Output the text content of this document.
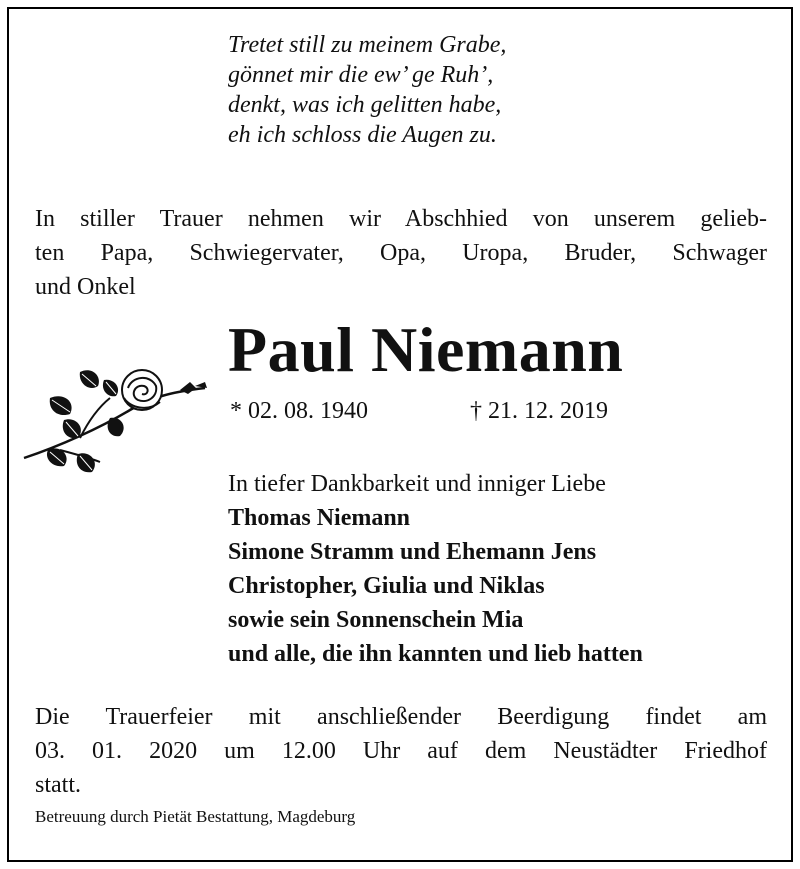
Tretet still zu meinem Grabe,
gönnet mir die ew’ ge Ruh’,
denkt, was ich gelitten habe,
eh ich schloss die Augen zu.
In stiller Trauer nehmen wir Abschhied von unserem gelieb-
ten Papa, Schwiegervater, Opa, Uropa, Bruder, Schwager
und Onkel
Paul Niemann
* 02. 08. 1940	† 21. 12. 2019
In tiefer Dankbarkeit und inniger Liebe
Thomas Niemann
Simone Stramm und Ehemann Jens
Christopher, Giulia und Niklas
sowie sein Sonnenschein Mia
und alle, die ihn kannten und lieb hatten
Die Trauerfeier mit anschließender Beerdigung findet am
03. 01. 2020 um 12.00 Uhr auf dem Neustädter Friedhof
statt.
Betreuung durch Pietät Bestattung, Magdeburg
